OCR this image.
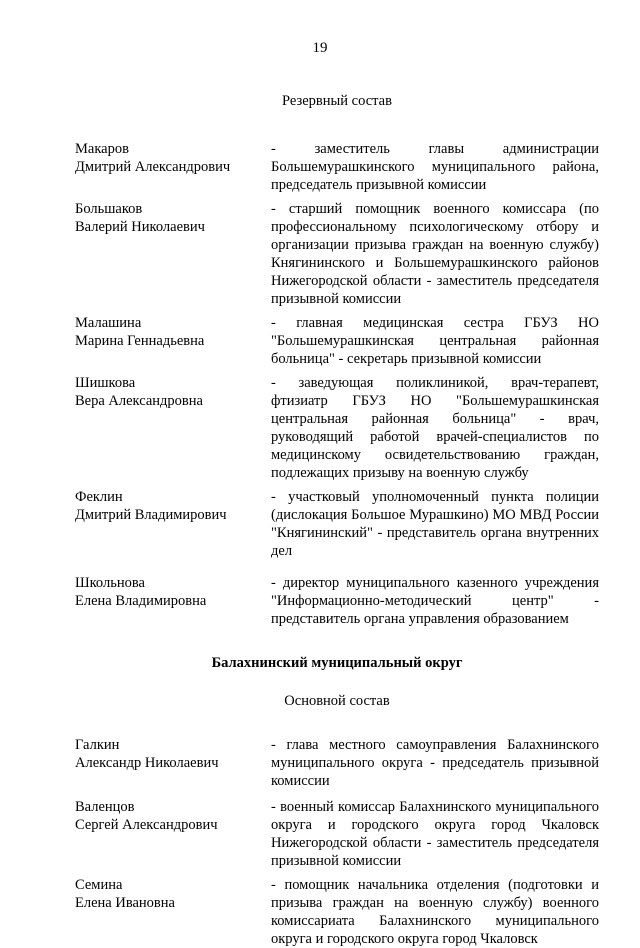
19
Резервный состав
Макаров
Дмитрий Александрович
- заместитель главы администрации Большемурашкинского муниципального района, председатель призывной комиссии
Большаков
Валерий Николаевич
- старший помощник военного комиссара (по профессиональному психологическому отбору и организации призыва граждан на военную службу) Княгининского и Большемурашкинского районов Нижегородской области - заместитель председателя призывной комиссии
Малашина
Марина Геннадьевна
- главная медицинская сестра ГБУЗ НО "Большемурашкинская центральная районная больница" - секретарь призывной комиссии
Шишкова
Вера Александровна
- заведующая поликлиникой, врач-терапевт, фтизиатр ГБУЗ НО "Большемурашкинская центральная районная больница" - врач, руководящий работой врачей-специалистов по медицинскому освидетельствованию граждан, подлежащих призыву на военную службу
Феклин
Дмитрий Владимирович
- участковый уполномоченный пункта полиции (дислокация Большое Мурашкино) МО МВД России "Княгининский" - представитель органа внутренних дел
Школьнова
Елена Владимировна
- директор муниципального казенного учреждения "Информационно-методический центр" - представитель органа управления образованием
Балахнинский муниципальный округ
Основной состав
Галкин
Александр Николаевич
- глава местного самоуправления Балахнинского муниципального округа - председатель призывной комиссии
Валенцов
Сергей Александрович
- военный комиссар Балахнинского муниципального округа и городского округа город Чкаловск Нижегородской области - заместитель председателя призывной комиссии
Семина
Елена Ивановна
- помощник начальника отделения (подготовки и призыва граждан на военную службу) военного комиссариата Балахнинского муниципального округа и городского округа город Чкаловск
